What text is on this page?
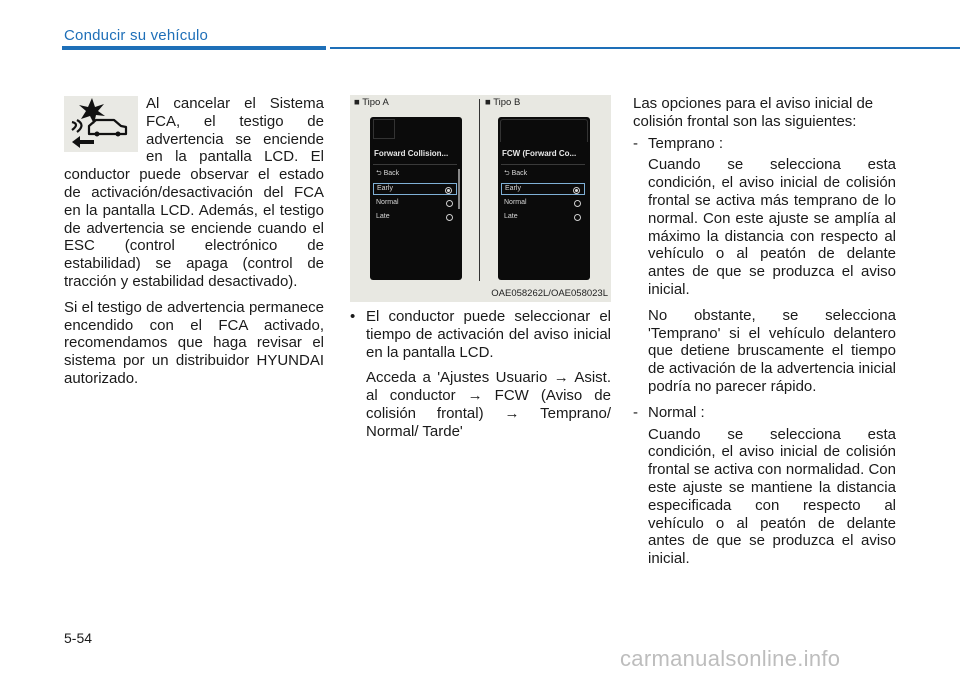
Conducir su vehículo

Al cancelar el Sistema FCA, el testigo de advertencia se enciende en la pantalla LCD. El conductor puede observar el estado de activación/desactivación del FCA en la pantalla LCD. Además, el testigo de advertencia se enciende cuando el ESC (control electrónico de estabilidad) se apaga (control de tracción y estabilidad desactivado).

Si el testigo de advertencia permanece encendido con el FCA activado, recomendamos que haga revisar el sistema por un distribuidor HYUNDAI autorizado.

■ Tipo A	■ Tipo B
Forward Collision...
⮌ Back
Early
Normal
Late
FCW (Forward Co...
⮌ Back
Early
Normal
Late
OAE058262L/OAE058023L
• El conductor puede seleccionar el tiempo de activación del aviso inicial en la pantalla LCD.

Acceda a 'Ajustes Usuario → Asist. al conductor → FCW (Aviso de colisión frontal) → Temprano/ Normal/ Tarde'

Las opciones para el aviso inicial de colisión frontal son las siguientes:

- Temprano :

Cuando se selecciona esta condición, el aviso inicial de colisión frontal se activa más temprano de lo normal. Con este ajuste se amplía al máximo la distancia con respecto al vehículo o al peatón de delante antes de que se produzca el aviso inicial.

No obstante, se selecciona 'Temprano' si el vehículo delantero que detiene bruscamente el tiempo de activación de la advertencia inicial podría no parecer rápido.

- Normal :

Cuando se selecciona esta condición, el aviso inicial de colisión frontal se activa con normalidad. Con este ajuste se mantiene la distancia especificada con respecto al vehículo o al peatón de delante antes de que se produzca el aviso inicial.

5-54
carmanualsonline.info
